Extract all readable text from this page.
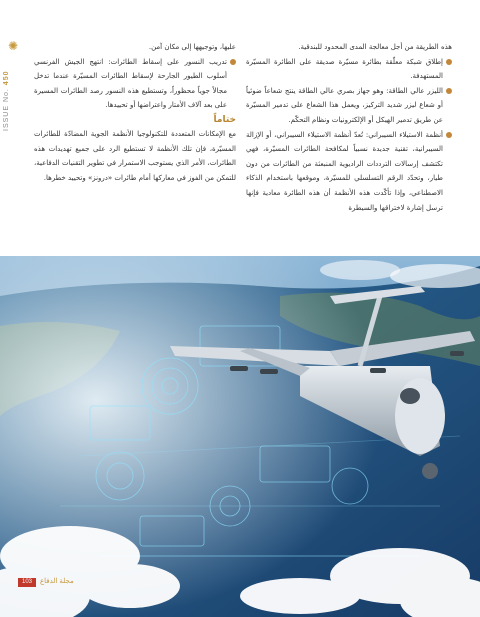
✺
ISSUE No. 450

هذه الطريقة من أجل معالجة المدى المحدود للبندقية.

إطلاق شبكة معلّقة بطائرة مسيّرة صديقة على الطائرة المسيّرة المستهدفة.

الليزر عالي الطاقة: وهو جهاز بصري عالي الطاقة ينتج شعاعاً ضوئياً أو شعاع ليزر شديد التركيز، ويعمل هذا الشعاع على تدمير المسيّرة عن طريق تدمير الهيكل أو الإلكترونيات ونظام التحكّم.

أنظمة الاستيلاء السيبراني: تُعدّ أنظمة الاستيلاء السيبراني، أو الإزالة السيبرانية، تقنية جديدة نسبياً لمكافحة الطائرات المسيّرة، فهي تكتشف إرسالات الترددات الراديوية المنبعثة من الطائرات من دون طيار، وتحدّد الرقم التسلسلي للمسيّرة، وموقعها باستخدام الذكاء الاصطناعي، وإذا تأكّدت هذه الأنظمة أن هذه الطائرة معادية فإنها ترسل إشارة لاختراقها والسيطرة

عليها، وتوجيهها إلى مكان آمن.

تدريب النسور على إسقاط الطائرات: انتهج الجيش الفرنسي أسلوب الطيور الجارحة لإسقاط الطائرات المسيّرة عندما تدخل مجالاً جوياً محظوراً، وتستطيع هذه النسور رصد الطائرات المسيرة على بعد آلاف الأمتار واعتراضها أو تحييدها.

ختاماً

مع الإمكانات المتعددة للتكنولوجيا الأنظمة الجوية المضادّة للطائرات المسيّرة، فإن تلك الأنظمة لا تستطيع الرد على جميع تهديدات هذه الطائرات، الأمر الذي يستوجب الاستمرار في تطوير التقنيات الدفاعية، للتمكن من الفوز في معاركها أمام طائرات «درونز» وتحييد خطرها.

103	مجلة الدفاع
